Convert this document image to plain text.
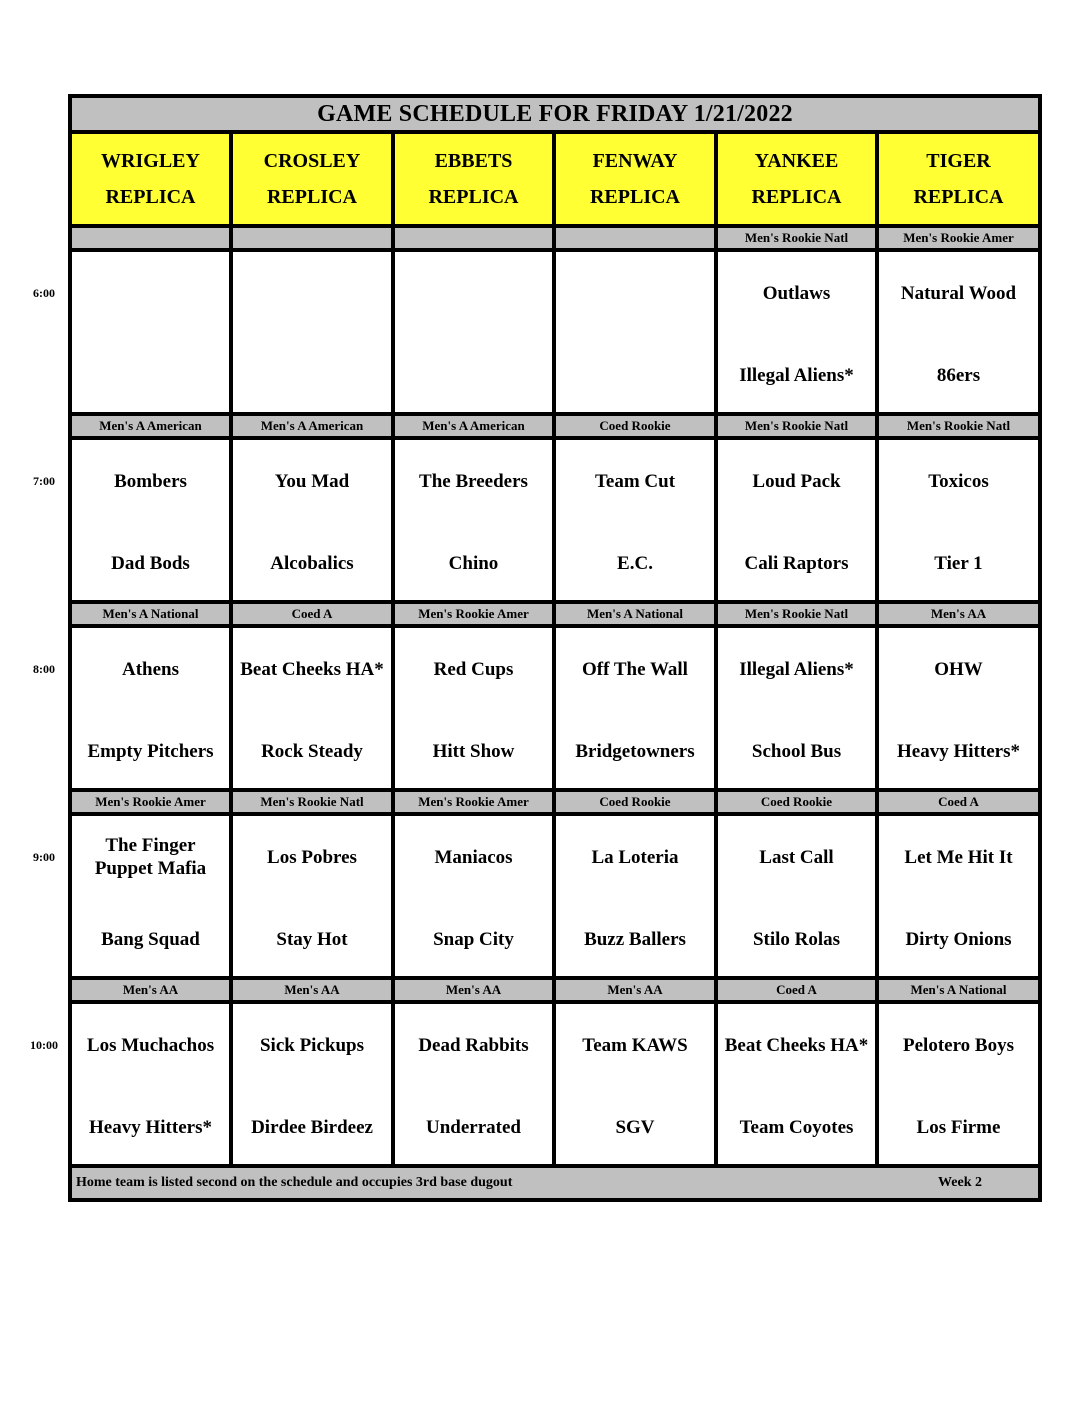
GAME SCHEDULE FOR FRIDAY 1/21/2022
WRIGLEY
REPLICA
CROSLEY
REPLICA
EBBETS
REPLICA
FENWAY
REPLICA
YANKEE
REPLICA
TIGER
REPLICA
Men's Rookie Natl
Outlaws
Illegal Aliens*
Men's Rookie Amer
Natural Wood
86ers
Men's A American
Bombers
Dad Bods
Men's A American
You Mad
Alcobalics
Men's A American
The Breeders
Chino
Coed Rookie
Team Cut
E.C.
Men's Rookie Natl
Loud Pack
Cali Raptors
Men's Rookie Natl
Toxicos
Tier 1
Men's A National
Athens
Empty Pitchers
Coed A
Beat Cheeks HA*
Rock Steady
Men's Rookie Amer
Red Cups
Hitt Show
Men's A National
Off The Wall
Bridgetowners
Men's Rookie Natl
Illegal Aliens*
School Bus
Men's AA
OHW
Heavy Hitters*
Men's Rookie Amer
The Finger
Puppet Mafia
Bang Squad
Men's Rookie Natl
Los Pobres
Stay Hot
Men's Rookie Amer
Maniacos
Snap City
Coed Rookie
La Loteria
Buzz Ballers
Coed Rookie
Last Call
Stilo Rolas
Coed A
Let Me Hit It
Dirty Onions
Men's AA
Los Muchachos
Heavy Hitters*
Men's AA
Sick Pickups
Dirdee Birdeez
Men's AA
Dead Rabbits
Underrated
Men's AA
Team KAWS
SGV
Coed A
Beat Cheeks HA*
Team Coyotes
Men's A National
Pelotero Boys
Los Firme
Home team is listed second on the schedule and occupies 3rd base dugout	Week 2
6:00
7:00
8:00
9:00
10:00
